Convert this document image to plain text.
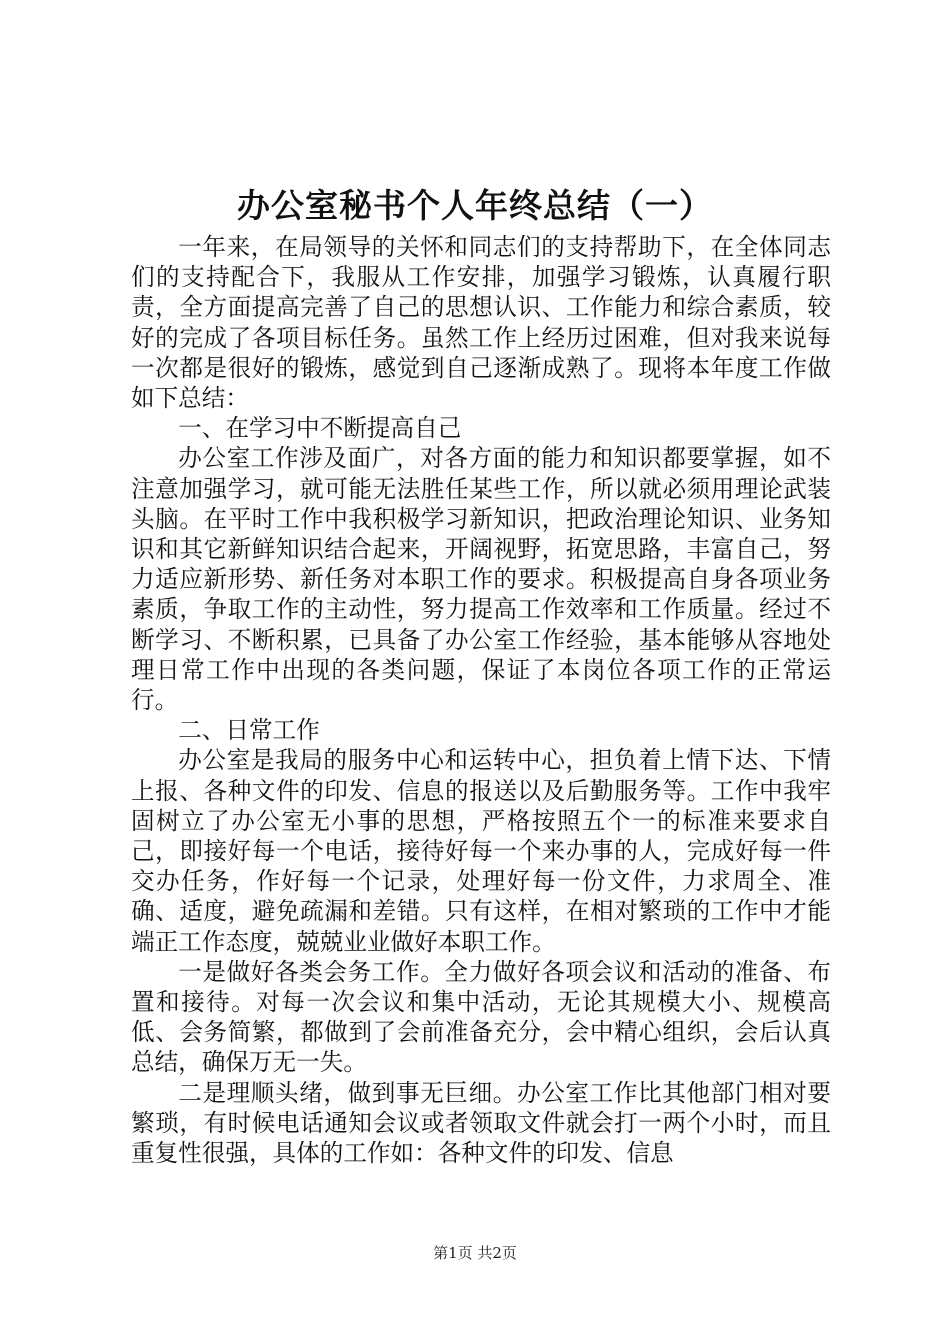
办公室秘书个人年终总结（一）

一年来，在局领导的关怀和同志们的支持帮助下，在全体同志们的支持配合下，我服从工作安排，加强学习锻炼，认真履行职责，全方面提高完善了自己的思想认识、工作能力和综合素质，较好的完成了各项目标任务。虽然工作上经历过困难，但对我来说每一次都是很好的锻炼，感觉到自己逐渐成熟了。现将本年度工作做如下总结：

一、在学习中不断提高自己

办公室工作涉及面广，对各方面的能力和知识都要掌握，如不注意加强学习，就可能无法胜任某些工作，所以就必须用理论武装头脑。在平时工作中我积极学习新知识，把政治理论知识、业务知识和其它新鲜知识结合起来，开阔视野，拓宽思路，丰富自己，努力适应新形势、新任务对本职工作的要求。积极提高自身各项业务素质，争取工作的主动性，努力提高工作效率和工作质量。经过不断学习、不断积累，已具备了办公室工作经验，基本能够从容地处理日常工作中出现的各类问题，保证了本岗位各项工作的正常运行。

二、日常工作

办公室是我局的服务中心和运转中心，担负着上情下达、下情上报、各种文件的印发、信息的报送以及后勤服务等。工作中我牢固树立了办公室无小事的思想，严格按照五个一的标准来要求自己，即接好每一个电话，接待好每一个来办事的人，完成好每一件交办任务，作好每一个记录，处理好每一份文件，力求周全、准确、适度，避免疏漏和差错。只有这样，在相对繁琐的工作中才能端正工作态度，兢兢业业做好本职工作。

一是做好各类会务工作。全力做好各项会议和活动的准备、布置和接待。对每一次会议和集中活动，无论其规模大小、规模高低、会务简繁，都做到了会前准备充分，会中精心组织，会后认真总结，确保万无一失。

二是理顺头绪，做到事无巨细。办公室工作比其他部门相对要繁琐，有时候电话通知会议或者领取文件就会打一两个小时，而且重复性很强，具体的工作如：各种文件的印发、信息

第1页 共2页
